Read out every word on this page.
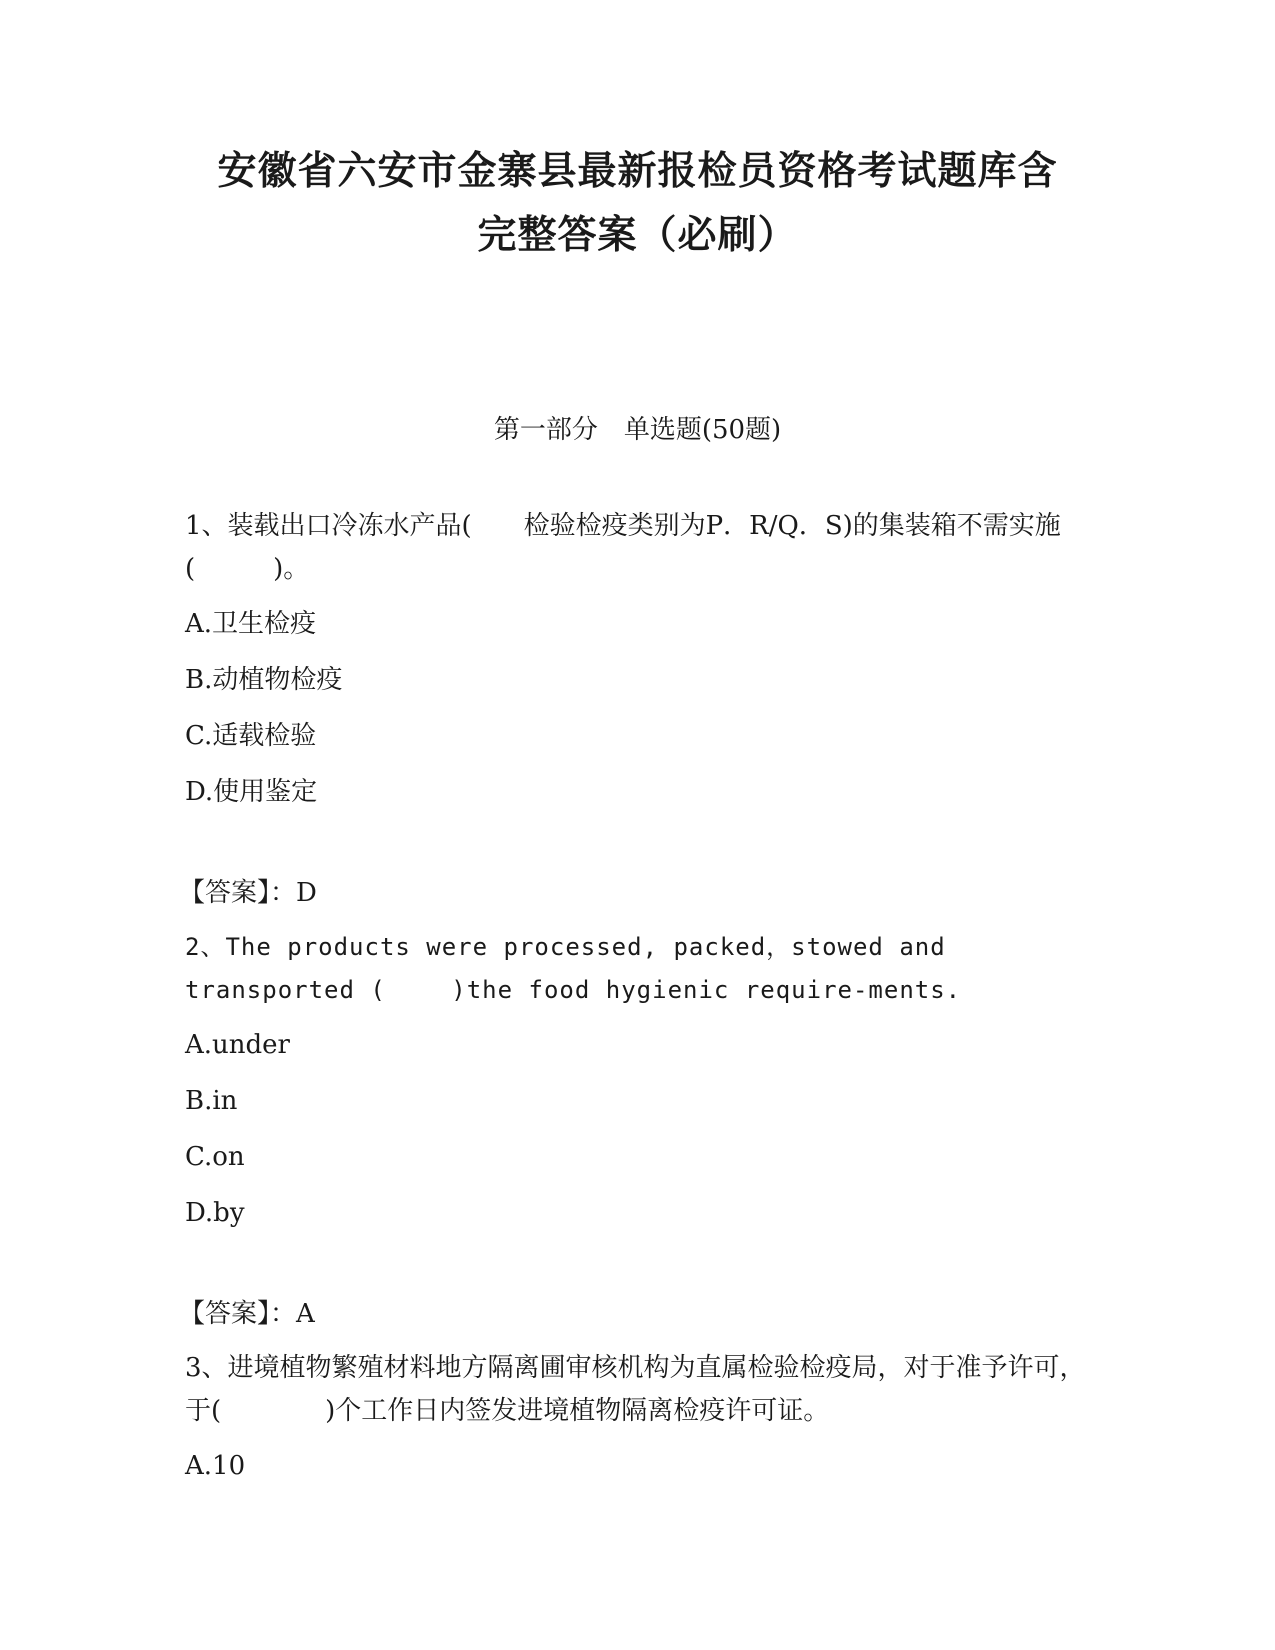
安徽省六安市金寨县最新报检员资格考试题库含
完整答案（必刷）
第一部分　单选题(50题)
1、装载出口冷冻水产品(　　检验检疫类别为P．R/Q．S)的集装箱不需实施(　　　)。
A.卫生检疫
B.动植物检疫
C.适载检验
D.使用鉴定
【答案】：D
2、The products were processed, packed，stowed and transported (　　 )the food hygienic require-ments.
A.under
B.in
C.on
D.by
【答案】：A
3、进境植物繁殖材料地方隔离圃审核机构为直属检验检疫局，对于准予许可，于(　　　　)个工作日内签发进境植物隔离检疫许可证。
A.10
